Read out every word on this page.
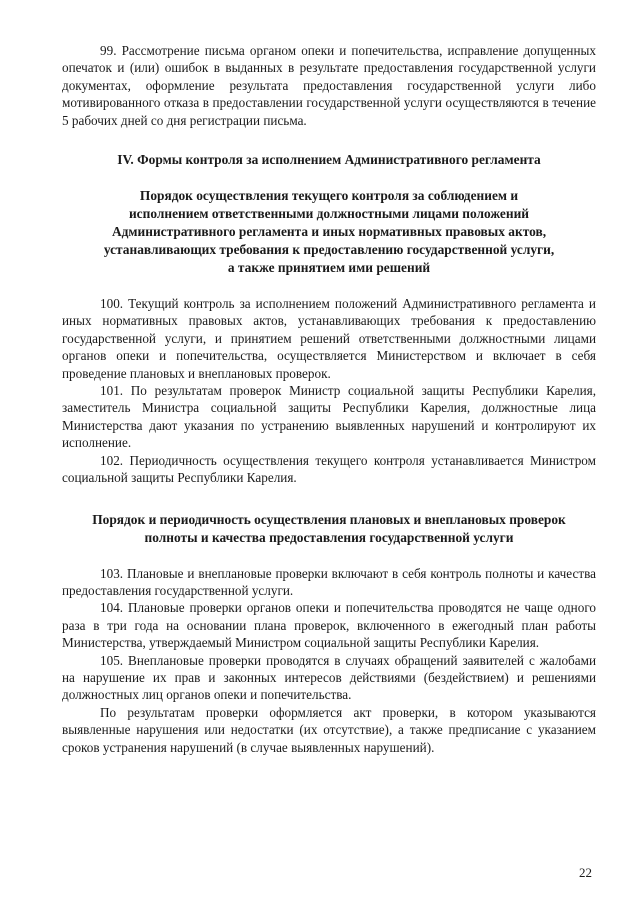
99. Рассмотрение письма органом опеки и попечительства, исправление допущенных опечаток и (или) ошибок в выданных в результате предоставления государственной услуги документах, оформление результата предоставления государственной услуги либо мотивированного отказа в предоставлении государственной услуги осуществляются в течение 5 рабочих дней со дня регистрации письма.

IV. Формы контроля за исполнением Административного регламента

Порядок осуществления текущего контроля за соблюдением и исполнением ответственными должностными лицами положений Административного регламента и иных нормативных правовых актов, устанавливающих требования к предоставлению государственной услуги, а также принятием ими решений

100. Текущий контроль за исполнением положений Административного регламента и иных нормативных правовых актов, устанавливающих требования к предоставлению государственной услуги, и принятием решений ответственными должностными лицами органов опеки и попечительства, осуществляется Министерством и включает в себя проведение плановых и внеплановых проверок.

101. По результатам проверок Министр социальной защиты Республики Карелия, заместитель Министра социальной защиты Республики Карелия, должностные лица Министерства дают указания по устранению выявленных нарушений и контролируют их исполнение.

102. Периодичность осуществления текущего контроля устанавливается Министром социальной защиты Республики Карелия.

Порядок и периодичность осуществления плановых и внеплановых проверок полноты и качества предоставления государственной услуги

103. Плановые и внеплановые проверки включают в себя контроль полноты и качества предоставления государственной услуги.

104. Плановые проверки органов опеки и попечительства проводятся не чаще одного раза в три года на основании плана проверок, включенного в ежегодный план работы Министерства, утверждаемый Министром социальной защиты Республики Карелия.

105. Внеплановые проверки проводятся в случаях обращений заявителей с жалобами на нарушение их прав и законных интересов действиями (бездействием) и решениями должностных лиц органов опеки и попечительства.

По результатам проверки оформляется акт проверки, в котором указываются выявленные нарушения или недостатки (их отсутствие), а также предписание с указанием сроков устранения нарушений (в случае выявленных нарушений).

22
